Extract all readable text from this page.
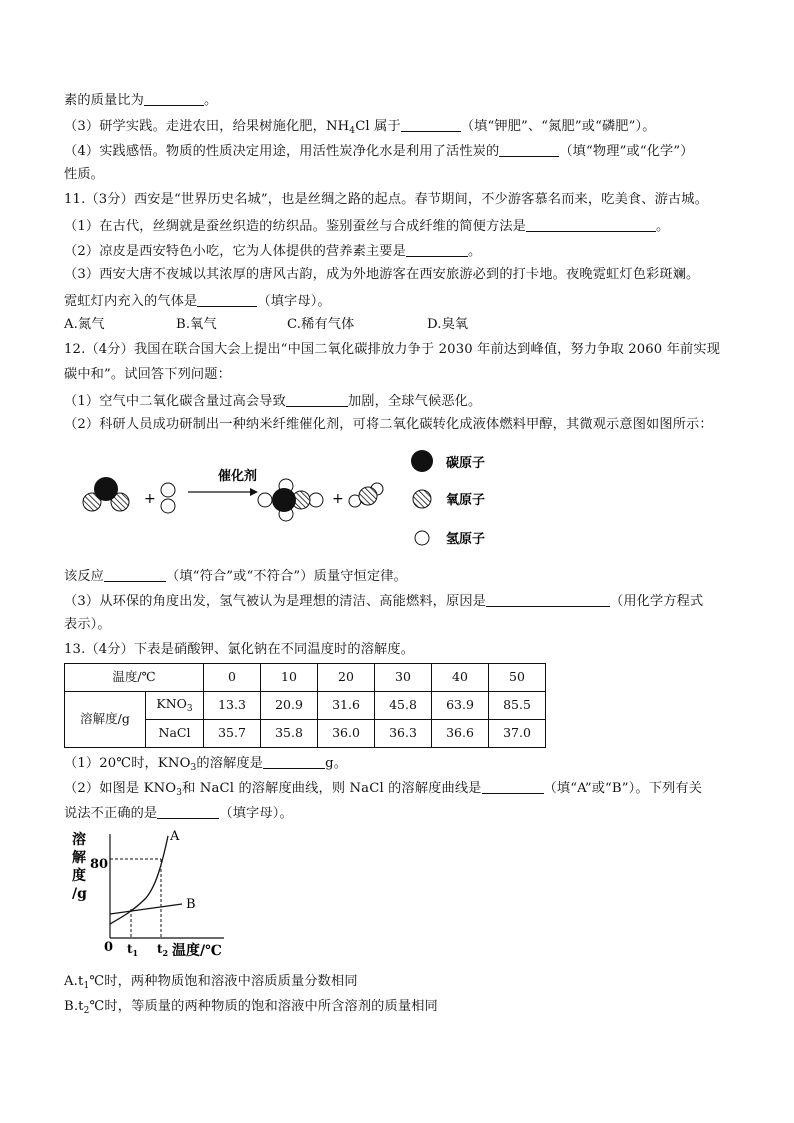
素的质量比为	。
（3）研学实践。走进农田，给果树施化肥，$NH_4Cl$ 属于	（填“钾肥”、“氮肥”或“磷肥”）。
（4）实践感悟。物质的性质决定用途，用活性炭净化水是利用了活性炭的	（填“物理”或“化学”）
性质。
11.（3分）西安是“世界历史名城”，也是丝绸之路的起点。春节期间，不少游客慕名而来，吃美食、游古城。
（1）在古代，丝绸就是蚕丝织造的纺织品。鉴别蚕丝与合成纤维的简便方法是	。
（2）凉皮是西安特色小吃，它为人体提供的营养素主要是	。
（3）西安大唐不夜城以其浓厚的唐风古韵，成为外地游客在西安旅游必到的打卡地。夜晚霓虹灯色彩斑斓。
霓虹灯内充入的气体是	（填字母）。
A.氮气	B.氧气	C.稀有气体	D.臭氧
12.（4分）我国在联合国大会上提出“中国二氧化碳排放力争于 2030 年前达到峰值，努力争取 2060 年前实现
碳中和”。试回答下列问题：
（1）空气中二氧化碳含量过高会导致	加剧，全球气候恶化。
（2）科研人员成功研制出一种纳米纤维催化剂，可将二氧化碳转化成液体燃料甲醇，其微观示意图如图所示：
+
催化剂
+
碳原子
氧原子
氢原子
该反应	（填“符合”或“不符合”）质量守恒定律。
（3）从环保的角度出发，氢气被认为是理想的清洁、高能燃料，原因是	（用化学方程式
表示）。
13.（4分）下表是硝酸钾、氯化钠在不同温度时的溶解度。
温度/℃		0	10	20	30	40	50
溶解度/g	$KNO_3$	13.3	20.9	31.6	45.8	63.9	85.5
	NaCl	35.7	35.8	36.0	36.3	36.6	37.0
（1）20℃时，$KNO_3$的溶解度是	g。
（2）如图是 $KNO_3$和 NaCl 的溶解度曲线，则 NaCl 的溶解度曲线是	（填“A”或“B”）。下列有关
说法不正确的是	（填字母）。
溶
解
度
/g
80
0
A
B
$t_1$ $t_2$ 温度/℃
$A.t_1℃$时，两种物质饱和溶液中溶质质量分数相同
$B.t_2℃$时，等质量的两种物质的饱和溶液中所含溶剂的质量相同
